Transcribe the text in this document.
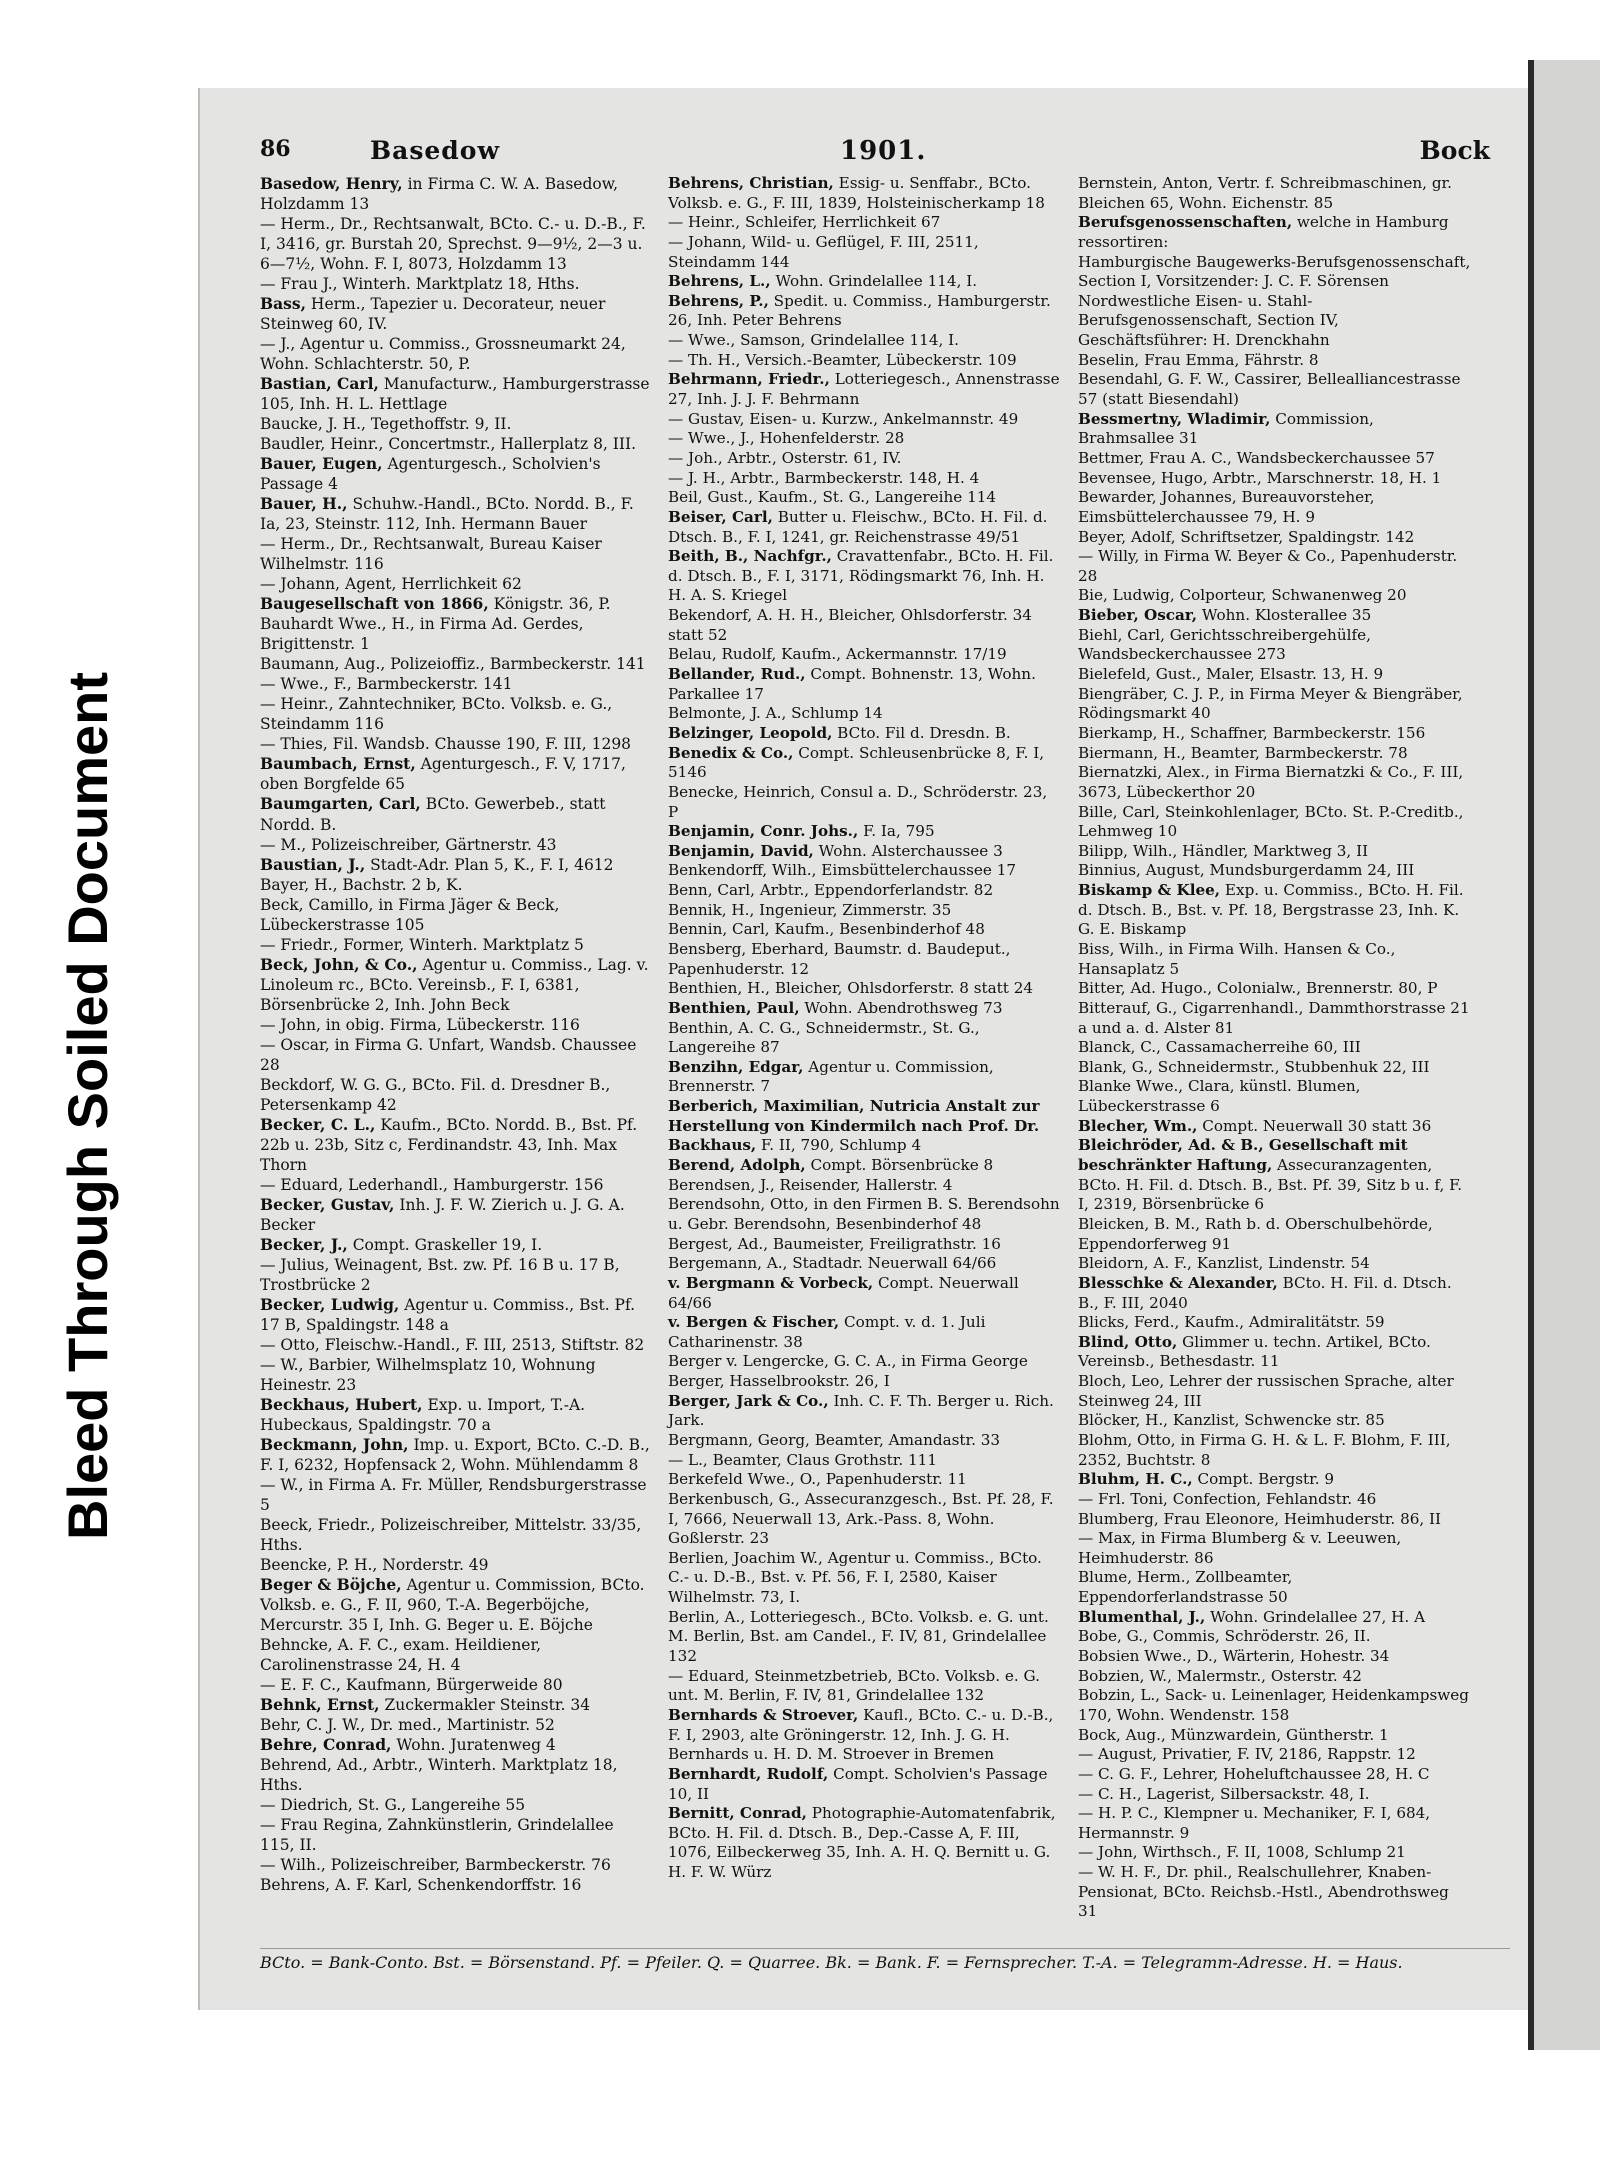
Bleed Through Soiled Document
86	Basedow	1901.	Bock

Basedow, Henry, in Firma C. W. A. Basedow, Holzdamm 13

— Herm., Dr., Rechtsanwalt, BCto. C.- u. D.-B., F. I, 3416, gr. Burstah 20, Sprechst. 9—9½, 2—3 u. 6—7½, Wohn. F. I, 8073, Holzdamm 13

— Frau J., Winterh. Marktplatz 18, Hths.

Bass, Herm., Tapezier u. Decorateur, neuer Steinweg 60, IV.

— J., Agentur u. Commiss., Grossneumarkt 24, Wohn. Schlachterstr. 50, P.

Bastian, Carl, Manufacturw., Hamburgerstrasse 105, Inh. H. L. Hettlage

Baucke, J. H., Tegethoffstr. 9, II.

Baudler, Heinr., Concertmstr., Hallerplatz 8, III.

Bauer, Eugen, Agenturgesch., Scholvien's Passage 4

Bauer, H., Schuhw.-Handl., BCto. Nordd. B., F. Ia, 23, Steinstr. 112, Inh. Hermann Bauer

— Herm., Dr., Rechtsanwalt, Bureau Kaiser Wilhelmstr. 116

— Johann, Agent, Herrlichkeit 62

Baugesellschaft von 1866, Königstr. 36, P.

Bauhardt Wwe., H., in Firma Ad. Gerdes, Brigittenstr. 1

Baumann, Aug., Polizeioffiz., Barmbeckerstr. 141

— Wwe., F., Barmbeckerstr. 141

— Heinr., Zahntechniker, BCto. Volksb. e. G., Steindamm 116

— Thies, Fil. Wandsb. Chausse 190, F. III, 1298

Baumbach, Ernst, Agenturgesch., F. V, 1717, oben Borgfelde 65

Baumgarten, Carl, BCto. Gewerbeb., statt Nordd. B.

— M., Polizeischreiber, Gärtnerstr. 43

Baustian, J., Stadt-Adr. Plan 5, K., F. I, 4612

Bayer, H., Bachstr. 2 b, K.

Beck, Camillo, in Firma Jäger & Beck, Lübeckerstrasse 105

— Friedr., Former, Winterh. Marktplatz 5

Beck, John, & Co., Agentur u. Commiss., Lag. v. Linoleum rc., BCto. Vereinsb., F. I, 6381, Börsenbrücke 2, Inh. John Beck

— John, in obig. Firma, Lübeckerstr. 116

— Oscar, in Firma G. Unfart, Wandsb. Chaussee 28

Beckdorf, W. G. G., BCto. Fil. d. Dresdner B., Petersenkamp 42

Becker, C. L., Kaufm., BCto. Nordd. B., Bst. Pf. 22b u. 23b, Sitz c, Ferdinandstr. 43, Inh. Max Thorn

— Eduard, Lederhandl., Hamburgerstr. 156

Becker, Gustav, Inh. J. F. W. Zierich u. J. G. A. Becker

Becker, J., Compt. Graskeller 19, I.

— Julius, Weinagent, Bst. zw. Pf. 16 B u. 17 B, Trostbrücke 2

Becker, Ludwig, Agentur u. Commiss., Bst. Pf. 17 B, Spaldingstr. 148 a

— Otto, Fleischw.-Handl., F. III, 2513, Stiftstr. 82

— W., Barbier, Wilhelmsplatz 10, Wohnung Heinestr. 23

Beckhaus, Hubert, Exp. u. Import, T.-A. Hubeckaus, Spaldingstr. 70 a

Beckmann, John, Imp. u. Export, BCto. C.-D. B., F. I, 6232, Hopfensack 2, Wohn. Mühlendamm 8

— W., in Firma A. Fr. Müller, Rendsburgerstrasse 5

Beeck, Friedr., Polizeischreiber, Mittelstr. 33/35, Hths.

Beencke, P. H., Norderstr. 49

Beger & Böjche, Agentur u. Commission, BCto. Volksb. e. G., F. II, 960, T.-A. Begerböjche, Mercurstr. 35 I, Inh. G. Beger u. E. Böjche

Behncke, A. F. C., exam. Heildiener, Carolinenstrasse 24, H. 4

— E. F. C., Kaufmann, Bürgerweide 80

Behnk, Ernst, Zuckermakler Steinstr. 34

Behr, C. J. W., Dr. med., Martinistr. 52

Behre, Conrad, Wohn. Juratenweg 4

Behrend, Ad., Arbtr., Winterh. Marktplatz 18, Hths.

— Diedrich, St. G., Langereihe 55

— Frau Regina, Zahnkünstlerin, Grindelallee 115, II.

— Wilh., Polizeischreiber, Barmbeckerstr. 76

Behrens, A. F. Karl, Schenkendorffstr. 16

Behrens, Christian, Essig- u. Senffabr., BCto. Volksb. e. G., F. III, 1839, Holsteinischerkamp 18

— Heinr., Schleifer, Herrlichkeit 67

— Johann, Wild- u. Geflügel, F. III, 2511, Steindamm 144

Behrens, L., Wohn. Grindelallee 114, I.

Behrens, P., Spedit. u. Commiss., Hamburgerstr. 26, Inh. Peter Behrens

— Wwe., Samson, Grindelallee 114, I.

— Th. H., Versich.-Beamter, Lübeckerstr. 109

Behrmann, Friedr., Lotteriegesch., Annenstrasse 27, Inh. J. J. F. Behrmann

— Gustav, Eisen- u. Kurzw., Ankelmannstr. 49

— Wwe., J., Hohenfelderstr. 28

— Joh., Arbtr., Osterstr. 61, IV.

— J. H., Arbtr., Barmbeckerstr. 148, H. 4

Beil, Gust., Kaufm., St. G., Langereihe 114

Beiser, Carl, Butter u. Fleischw., BCto. H. Fil. d. Dtsch. B., F. I, 1241, gr. Reichenstrasse 49/51

Beith, B., Nachfgr., Cravattenfabr., BCto. H. Fil. d. Dtsch. B., F. I, 3171, Rödingsmarkt 76, Inh. H. H. A. S. Kriegel

Bekendorf, A. H. H., Bleicher, Ohlsdorferstr. 34 statt 52

Belau, Rudolf, Kaufm., Ackermannstr. 17/19

Bellander, Rud., Compt. Bohnenstr. 13, Wohn. Parkallee 17

Belmonte, J. A., Schlump 14

Belzinger, Leopold, BCto. Fil d. Dresdn. B.

Benedix & Co., Compt. Schleusenbrücke 8, F. I, 5146

Benecke, Heinrich, Consul a. D., Schröderstr. 23, P

Benjamin, Conr. Johs., F. Ia, 795

Benjamin, David, Wohn. Alsterchaussee 3

Benkendorff, Wilh., Eimsbüttelerchaussee 17

Benn, Carl, Arbtr., Eppendorferlandstr. 82

Bennik, H., Ingenieur, Zimmerstr. 35

Bennin, Carl, Kaufm., Besenbinderhof 48

Bensberg, Eberhard, Baumstr. d. Baudeput., Papenhuderstr. 12

Benthien, H., Bleicher, Ohlsdorferstr. 8 statt 24

Benthien, Paul, Wohn. Abendrothsweg 73

Benthin, A. C. G., Schneidermstr., St. G., Langereihe 87

Benzihn, Edgar, Agentur u. Commission, Brennerstr. 7

Berberich, Maximilian, Nutricia Anstalt zur Herstellung von Kindermilch nach Prof. Dr. Backhaus, F. II, 790, Schlump 4

Berend, Adolph, Compt. Börsenbrücke 8

Berendsen, J., Reisender, Hallerstr. 4

Berendsohn, Otto, in den Firmen B. S. Berendsohn u. Gebr. Berendsohn, Besenbinderhof 48

Bergest, Ad., Baumeister, Freiligrathstr. 16

Bergemann, A., Stadtadr. Neuerwall 64/66

v. Bergmann & Vorbeck, Compt. Neuerwall 64/66

v. Bergen & Fischer, Compt. v. d. 1. Juli Catharinenstr. 38

Berger v. Lengercke, G. C. A., in Firma George Berger, Hasselbrookstr. 26, I

Berger, Jark & Co., Inh. C. F. Th. Berger u. Rich. Jark.

Bergmann, Georg, Beamter, Amandastr. 33

— L., Beamter, Claus Grothstr. 111

Berkefeld Wwe., O., Papenhuderstr. 11

Berkenbusch, G., Assecuranzgesch., Bst. Pf. 28, F. I, 7666, Neuerwall 13, Ark.-Pass. 8, Wohn. Goßlerstr. 23

Berlien, Joachim W., Agentur u. Commiss., BCto. C.- u. D.-B., Bst. v. Pf. 56, F. I, 2580, Kaiser Wilhelmstr. 73, I.

Berlin, A., Lotteriegesch., BCto. Volksb. e. G. unt. M. Berlin, Bst. am Candel., F. IV, 81, Grindelallee 132

— Eduard, Steinmetzbetrieb, BCto. Volksb. e. G. unt. M. Berlin, F. IV, 81, Grindelallee 132

Bernhards & Stroever, Kaufl., BCto. C.- u. D.-B., F. I, 2903, alte Gröningerstr. 12, Inh. J. G. H. Bernhards u. H. D. M. Stroever in Bremen

Bernhardt, Rudolf, Compt. Scholvien's Passage 10, II

Bernitt, Conrad, Photographie-Automatenfabrik, BCto. H. Fil. d. Dtsch. B., Dep.-Casse A, F. III, 1076, Eilbeckerweg 35, Inh. A. H. Q. Bernitt u. G. H. F. W. Würz

Bernstein, Anton, Vertr. f. Schreibmaschinen, gr. Bleichen 65, Wohn. Eichenstr. 85

Berufsgenossenschaften, welche in Hamburg ressortiren:

Hamburgische Baugewerks-Berufsgenossenschaft, Section I, Vorsitzender: J. C. F. Sörensen

Nordwestliche Eisen- u. Stahl-Berufsgenossenschaft, Section IV, Geschäftsführer: H. Drenckhahn

Beselin, Frau Emma, Fährstr. 8

Besendahl, G. F. W., Cassirer, Bellealliancestrasse 57 (statt Biesendahl)

Bessmertny, Wladimir, Commission, Brahmsallee 31

Bettmer, Frau A. C., Wandsbeckerchaussee 57

Bevensee, Hugo, Arbtr., Marschnerstr. 18, H. 1

Bewarder, Johannes, Bureauvorsteher, Eimsbüttelerchaussee 79, H. 9

Beyer, Adolf, Schriftsetzer, Spaldingstr. 142

— Willy, in Firma W. Beyer & Co., Papenhuderstr. 28

Bie, Ludwig, Colporteur, Schwanenweg 20

Bieber, Oscar, Wohn. Klosterallee 35

Biehl, Carl, Gerichtsschreibergehülfe, Wandsbeckerchaussee 273

Bielefeld, Gust., Maler, Elsastr. 13, H. 9

Biengräber, C. J. P., in Firma Meyer & Biengräber, Rödingsmarkt 40

Bierkamp, H., Schaffner, Barmbeckerstr. 156

Biermann, H., Beamter, Barmbeckerstr. 78

Biernatzki, Alex., in Firma Biernatzki & Co., F. III, 3673, Lübeckerthor 20

Bille, Carl, Steinkohlenlager, BCto. St. P.-Creditb., Lehmweg 10

Bilipp, Wilh., Händler, Marktweg 3, II

Binnius, August, Mundsburgerdamm 24, III

Biskamp & Klee, Exp. u. Commiss., BCto. H. Fil. d. Dtsch. B., Bst. v. Pf. 18, Bergstrasse 23, Inh. K. G. E. Biskamp

Biss, Wilh., in Firma Wilh. Hansen & Co., Hansaplatz 5

Bitter, Ad. Hugo., Colonialw., Brennerstr. 80, P

Bitterauf, G., Cigarrenhandl., Dammthorstrasse 21 a und a. d. Alster 81

Blanck, C., Cassamacherreihe 60, III

Blank, G., Schneidermstr., Stubbenhuk 22, III

Blanke Wwe., Clara, künstl. Blumen, Lübeckerstrasse 6

Blecher, Wm., Compt. Neuerwall 30 statt 36

Bleichröder, Ad. & B., Gesellschaft mit beschränkter Haftung, Assecuranzagenten, BCto. H. Fil. d. Dtsch. B., Bst. Pf. 39, Sitz b u. f, F. I, 2319, Börsenbrücke 6

Bleicken, B. M., Rath b. d. Oberschulbehörde, Eppendorferweg 91

Bleidorn, A. F., Kanzlist, Lindenstr. 54

Blesschke & Alexander, BCto. H. Fil. d. Dtsch. B., F. III, 2040

Blicks, Ferd., Kaufm., Admiralitätstr. 59

Blind, Otto, Glimmer u. techn. Artikel, BCto. Vereinsb., Bethesdastr. 11

Bloch, Leo, Lehrer der russischen Sprache, alter Steinweg 24, III

Blöcker, H., Kanzlist, Schwencke str. 85

Blohm, Otto, in Firma G. H. & L. F. Blohm, F. III, 2352, Buchtstr. 8

Bluhm, H. C., Compt. Bergstr. 9

— Frl. Toni, Confection, Fehlandstr. 46

Blumberg, Frau Eleonore, Heimhuderstr. 86, II

— Max, in Firma Blumberg & v. Leeuwen, Heimhuderstr. 86

Blume, Herm., Zollbeamter, Eppendorferlandstrasse 50

Blumenthal, J., Wohn. Grindelallee 27, H. A

Bobe, G., Commis, Schröderstr. 26, II.

Bobsien Wwe., D., Wärterin, Hohestr. 34

Bobzien, W., Malermstr., Osterstr. 42

Bobzin, L., Sack- u. Leinenlager, Heidenkampsweg 170, Wohn. Wendenstr. 158

Bock, Aug., Münzwardein, Güntherstr. 1

— August, Privatier, F. IV, 2186, Rappstr. 12

— C. G. F., Lehrer, Hoheluftchaussee 28, H. C

— C. H., Lagerist, Silbersackstr. 48, I.

— H. P. C., Klempner u. Mechaniker, F. I, 684, Hermannstr. 9

— John, Wirthsch., F. II, 1008, Schlump 21

— W. H. F., Dr. phil., Realschullehrer, Knaben-Pensionat, BCto. Reichsb.-Hstl., Abendrothsweg 31

BCto. = Bank-Conto. Bst. = Börsenstand. Pf. = Pfeiler. Q. = Quarree. Bk. = Bank. F. = Fernsprecher. T.-A. = Telegramm-Adresse. H. = Haus.
